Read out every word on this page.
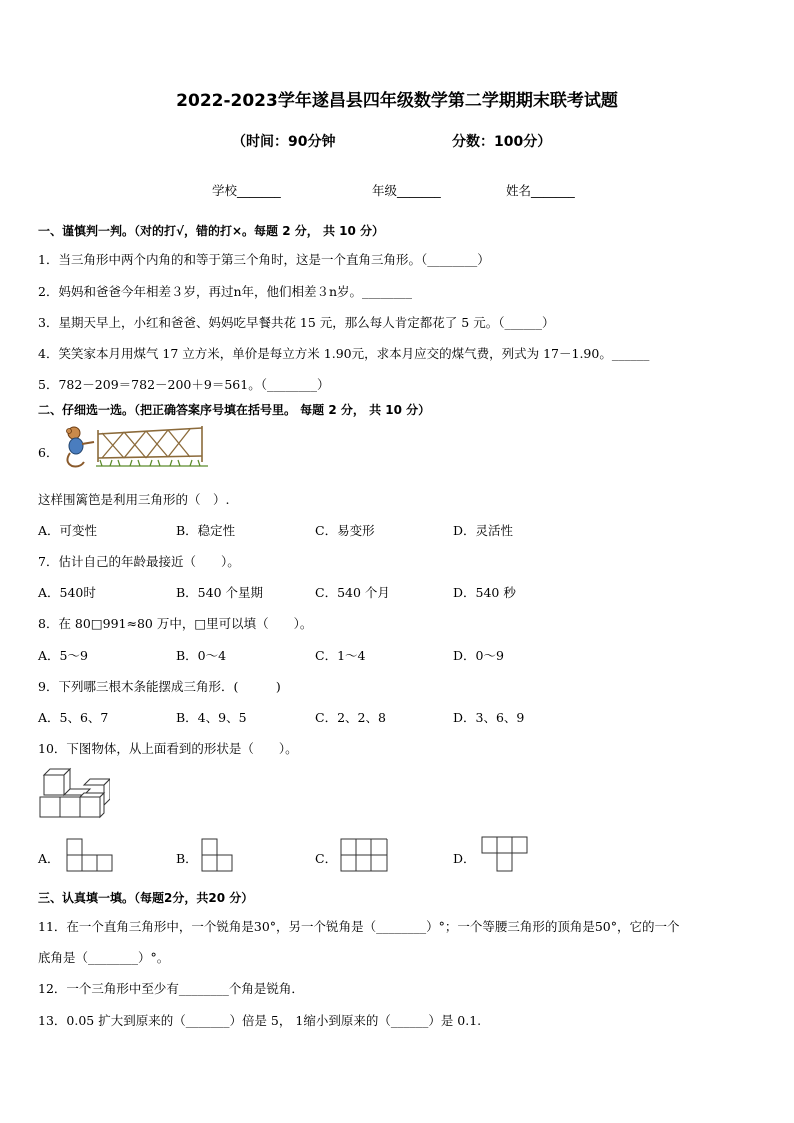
2022-2023学年遂昌县四年级数学第二学期期末联考试题
（时间：90分钟	分数：100分）
学校_______	年级_______	姓名_______
一、谨慎判一判。（对的打√，错的打×。每题 2 分， 共 10 分）
1．当三角形中两个内角的和等于第三个角时，这是一个直角三角形。（________）
2．妈妈和爸爸今年相差３岁，再过n年，他们相差３n岁。________
3．星期天早上，小红和爸爸、妈妈吃早餐共花 15 元，那么每人肯定都花了 5 元。（______）
4．笑笑家本月用煤气 17 立方米，单价是每立方米 1.90元，求本月应交的煤气费，列式为 17－1.90。______
5．782－209＝782－200＋9＝561。（________）
二、仔细选一选。（把正确答案序号填在括号里。 每题 2 分， 共 10 分）
6．
这样围篱笆是利用三角形的（　）.
A．可变性	B．稳定性	C．易变形	D．灵活性
7．估计自己的年龄最接近（　　）。
A．540时	B．540 个星期	C．540 个月	D．540 秒
8．在 80□991≈80 万中，□里可以填（　　）。
A．5～9	B．0～4	C．1～4	D．0～9
9．下列哪三根木条能摆成三角形．(　　　)
A．5、6、7	B．4、9、5	C．2、2、8	D．3、6、9
10．下图物体，从上面看到的形状是（　　）。
A．	B．	C．	D．
三、认真填一填。（每题2分，共20 分）
11．在一个直角三角形中，一个锐角是30°，另一个锐角是（________）°；一个等腰三角形的顶角是50°，它的一个
底角是（________）°。
12．一个三角形中至少有________个角是锐角．
13．0.05 扩大到原来的（_______）倍是 5， 1缩小到原来的（______）是 0.1.
